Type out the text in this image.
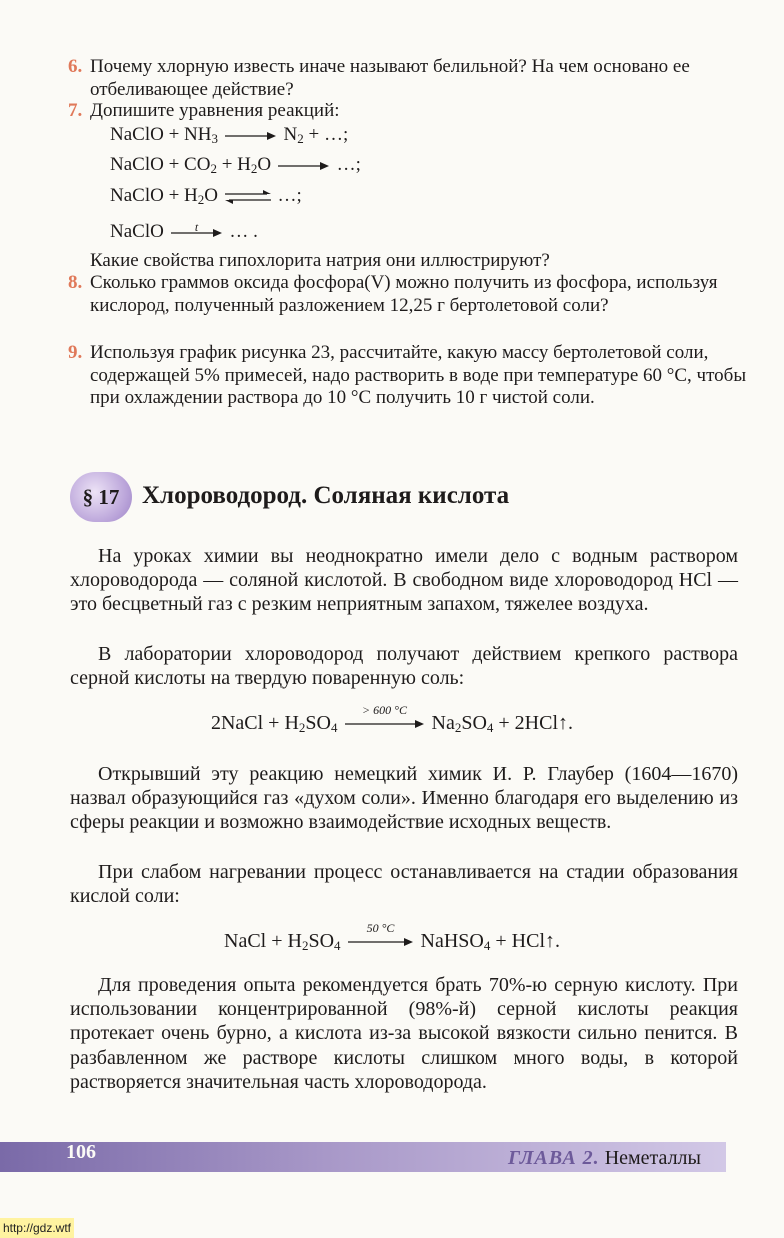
6. Почему хлорную известь иначе называют белильной? На чем основано ее отбеливающее действие?
7. Допишите уравнения реакций:
NaClO + $NH_3 \to N_2$ + …;
NaClO + $CO_2 + H_2O$ → …;
NaClO + $H_2O$ ⇌ …;
NaClO	t	… .
Какие свойства гипохлорита натрия они иллюстрируют?
8. Сколько граммов оксида фосфора(V) можно получить из фосфора, используя кислород, полученный разложением 12,25 г бертолетовой соли?
9. Используя график рисунка 23, рассчитайте, какую массу бертолетовой соли, содержащей 5% примесей, надо растворить в воде при температуре 60 °C, чтобы при охлаждении раствора до 10 °C получить 10 г чистой соли.
§ 17 Хлороводород. Соляная кислота
На уроках химии вы неоднократно имели дело с водным раствором хлороводорода — соляной кислотой. В свободном виде хлороводород HCl — это бесцветный газ с резким неприятным запахом, тяжелее воздуха.
В лаборатории хлороводород получают действием крепкого раствора серной кислоты на твердую поваренную соль:
2NaCl + $H_2SO_4$
> 600 °C
$Na_2SO_4$ + 2HCl↑.
Открывший эту реакцию немецкий химик И. Р. Глаубер (1604—1670) назвал образующийся газ «духом соли». Именно благодаря его выделению из сферы реакции и возможно взаимодействие исходных веществ.
При слабом нагревании процесс останавливается на стадии образования кислой соли:
NaCl + $H_2SO_4$
50 °C
NaHSO$_4$ + HCl↑.
Для проведения опыта рекомендуется брать 70%-ю серную кислоту. При использовании концентрированной (98%-й) серной кислоты реакция протекает очень бурно, а кислота из-за высокой вязкости сильно пенится. В разбавленном же растворе кислоты слишком много воды, в которой растворяется значительная часть хлороводорода.
106	ГЛАВА 2. Неметаллы
http://gdz.wtf
